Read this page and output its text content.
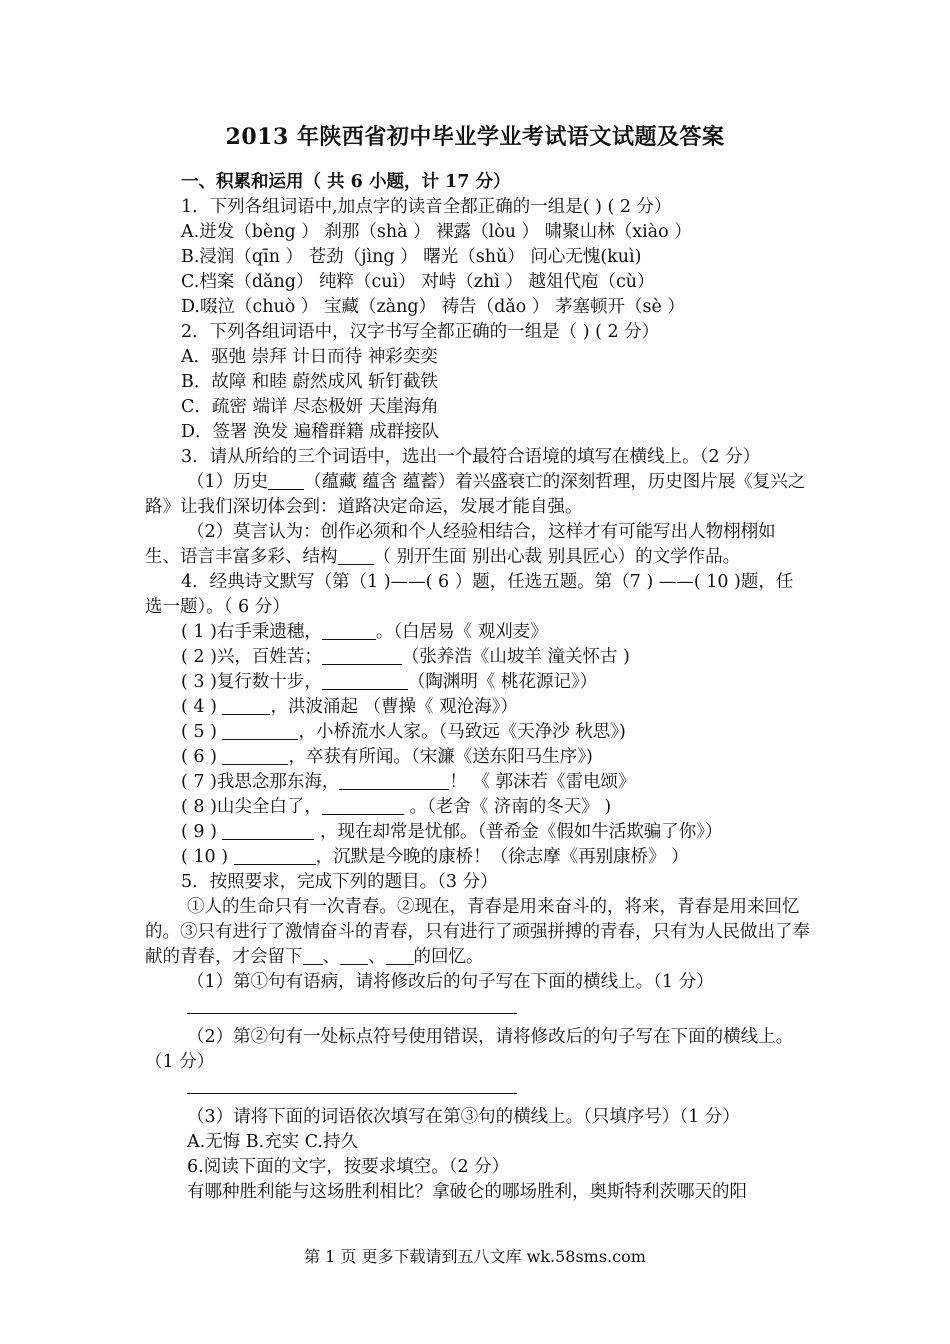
2013 年陕西省初中毕业学业考试语文试题及答案
一、积累和运用（ 共 6 小题，计 17 分）
1．下列各组词语中,加点字的读音全都正确的一组是( ) ( 2 分）
A.迸发（bèng ） 刹那（shà ） 裸露（lòu ） 啸聚山林（xiào ）
B.浸润（qīn ） 苍劲（jìng ） 曙光（shǔ） 问心无愧(kuì)
C.档案（dǎng） 纯粹（cuì） 对峙（zhì ） 越俎代庖（cù）
D.啜泣（chuò ） 宝藏（zàng） 祷告（dǎo ） 茅塞顿开（sè ）
2．下列各组词语中，汉字书写全都正确的一组是（ ) ( 2 分）
A．驱弛 崇拜 计日而待 神彩奕奕
B．故障 和睦 蔚然成风 斩钉截铁
C．疏密 端详 尽态极妍 天崖海角
D．签署 涣发 遍稽群籍 成群接队
3．请从所给的三个词语中，选出一个最符合语境的填写在横线上。（2 分）
（1）历史 （蕴藏 蕴含 蕴蓄）着兴盛衰亡的深刻哲理，历史图片展《复兴之路》让我们深切体会到：道路决定命运，发展才能自强。
（2）莫言认为：创作必须和个人经验相结合，这样才有可能写出人物栩栩如生、语言丰富多彩、结构 （ 别开生面 别出心裁 别具匠心）的文学作品。
4．经典诗文默写（第（1 )——( 6 ）题，任选五题。第（7 ) ——( 10 )题，任选一题）。（ 6 分）
( 1 )右手秉遗穗，	。（白居易《 观刈麦》
( 2 )兴，百姓苦；	（张养浩《山坡羊 潼关怀古 )
( 3 )复行数十步，	（陶渊明《 桃花源记》）
( 4 )	，洪波涌起 （曹操《 观沧海》）
( 5 )	，小桥流水人家。（马致远《天净沙 秋思》)
( 6 )	，卒获有所闻。（宋濂《送东阳马生序》)
( 7 )我思念那东海，	！ 《 郭沫若《雷电颂》
( 8 )山尖全白了，	。（老舍《 济南的冬天》 )
( 9 )	，现在却常是忧郁。（普希金《假如牛活欺骗了你》）
( 10 )	，沉默是今晚的康桥！（徐志摩《再别康桥》 ）
5．按照要求，完成下列的题目。（3 分）
①人的生命只有一次青春。②现在，青春是用来奋斗的，将来，青春是用来回忆的。③只有进行了激情奋斗的青春，只有进行了顽强拼搏的青春，只有为人民做出了奉献的青春，才会留下 、 、 的回忆。
（1）第①句有语病，请将修改后的句子写在下面的横线上。（1 分）
（2）第②句有一处标点符号使用错误，请将修改后的句子写在下面的横线上。（1 分）
（3）请将下面的词语依次填写在第③句的横线上。（只填序号）（1 分）
A.无悔 B.充实 C.持久
6.阅读下面的文字，按要求填空。（2 分）
有哪种胜利能与这场胜利相比？拿破仑的哪场胜利，奥斯特利茨哪天的阳
第 1 页 更多下载请到五八文库 wk.58sms.com
